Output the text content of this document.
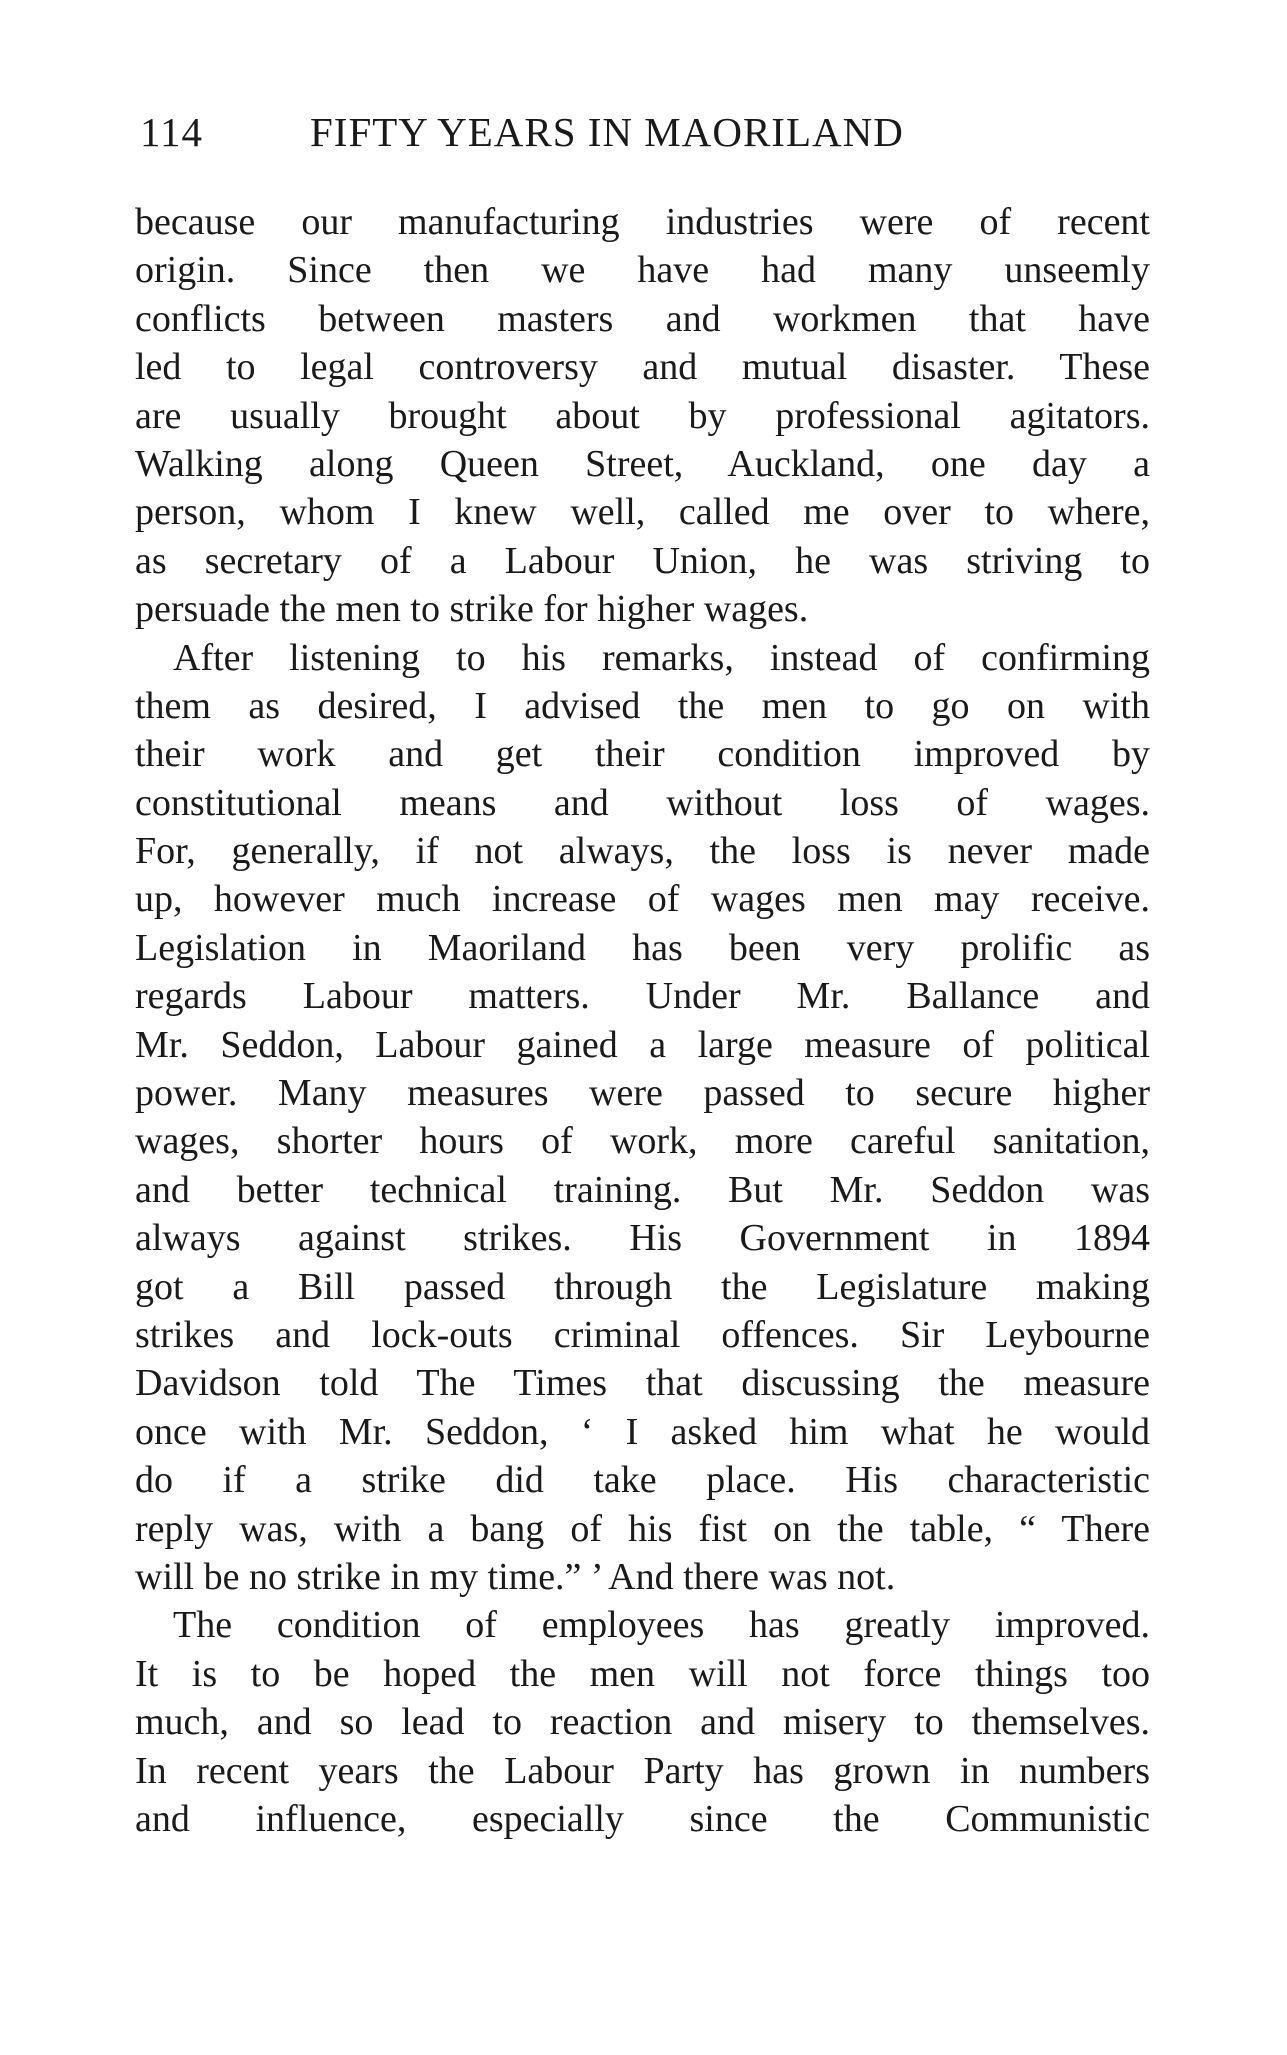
114	FIFTY YEARS IN MAORILAND
because our manufacturing industries were of recent
origin. Since then we have had many unseemly
conflicts between masters and workmen that have
led to legal controversy and mutual disaster. These
are usually brought about by professional agitators.
Walking along Queen Street, Auckland, one day a
person, whom I knew well, called me over to where,
as secretary of a Labour Union, he was striving to
persuade the men to strike for higher wages.
After listening to his remarks, instead of confirming
them as desired, I advised the men to go on with
their work and get their condition improved by
constitutional means and without loss of wages.
For, generally, if not always, the loss is never made
up, however much increase of wages men may receive.
Legislation in Maoriland has been very prolific as
regards Labour matters. Under Mr. Ballance and
Mr. Seddon, Labour gained a large measure of political
power. Many measures were passed to secure higher
wages, shorter hours of work, more careful sanitation,
and better technical training. But Mr. Seddon was
always against strikes. His Government in 1894
got a Bill passed through the Legislature making
strikes and lock-outs criminal offences. Sir Leybourne
Davidson told The Times that discussing the measure
once with Mr. Seddon, ‘ I asked him what he would
do if a strike did take place. His characteristic
reply was, with a bang of his fist on the table, “ There
will be no strike in my time.” ’ And there was not.
The condition of employees has greatly improved.
It is to be hoped the men will not force things too
much, and so lead to reaction and misery to themselves.
In recent years the Labour Party has grown in numbers
and influence, especially since the Communistic
